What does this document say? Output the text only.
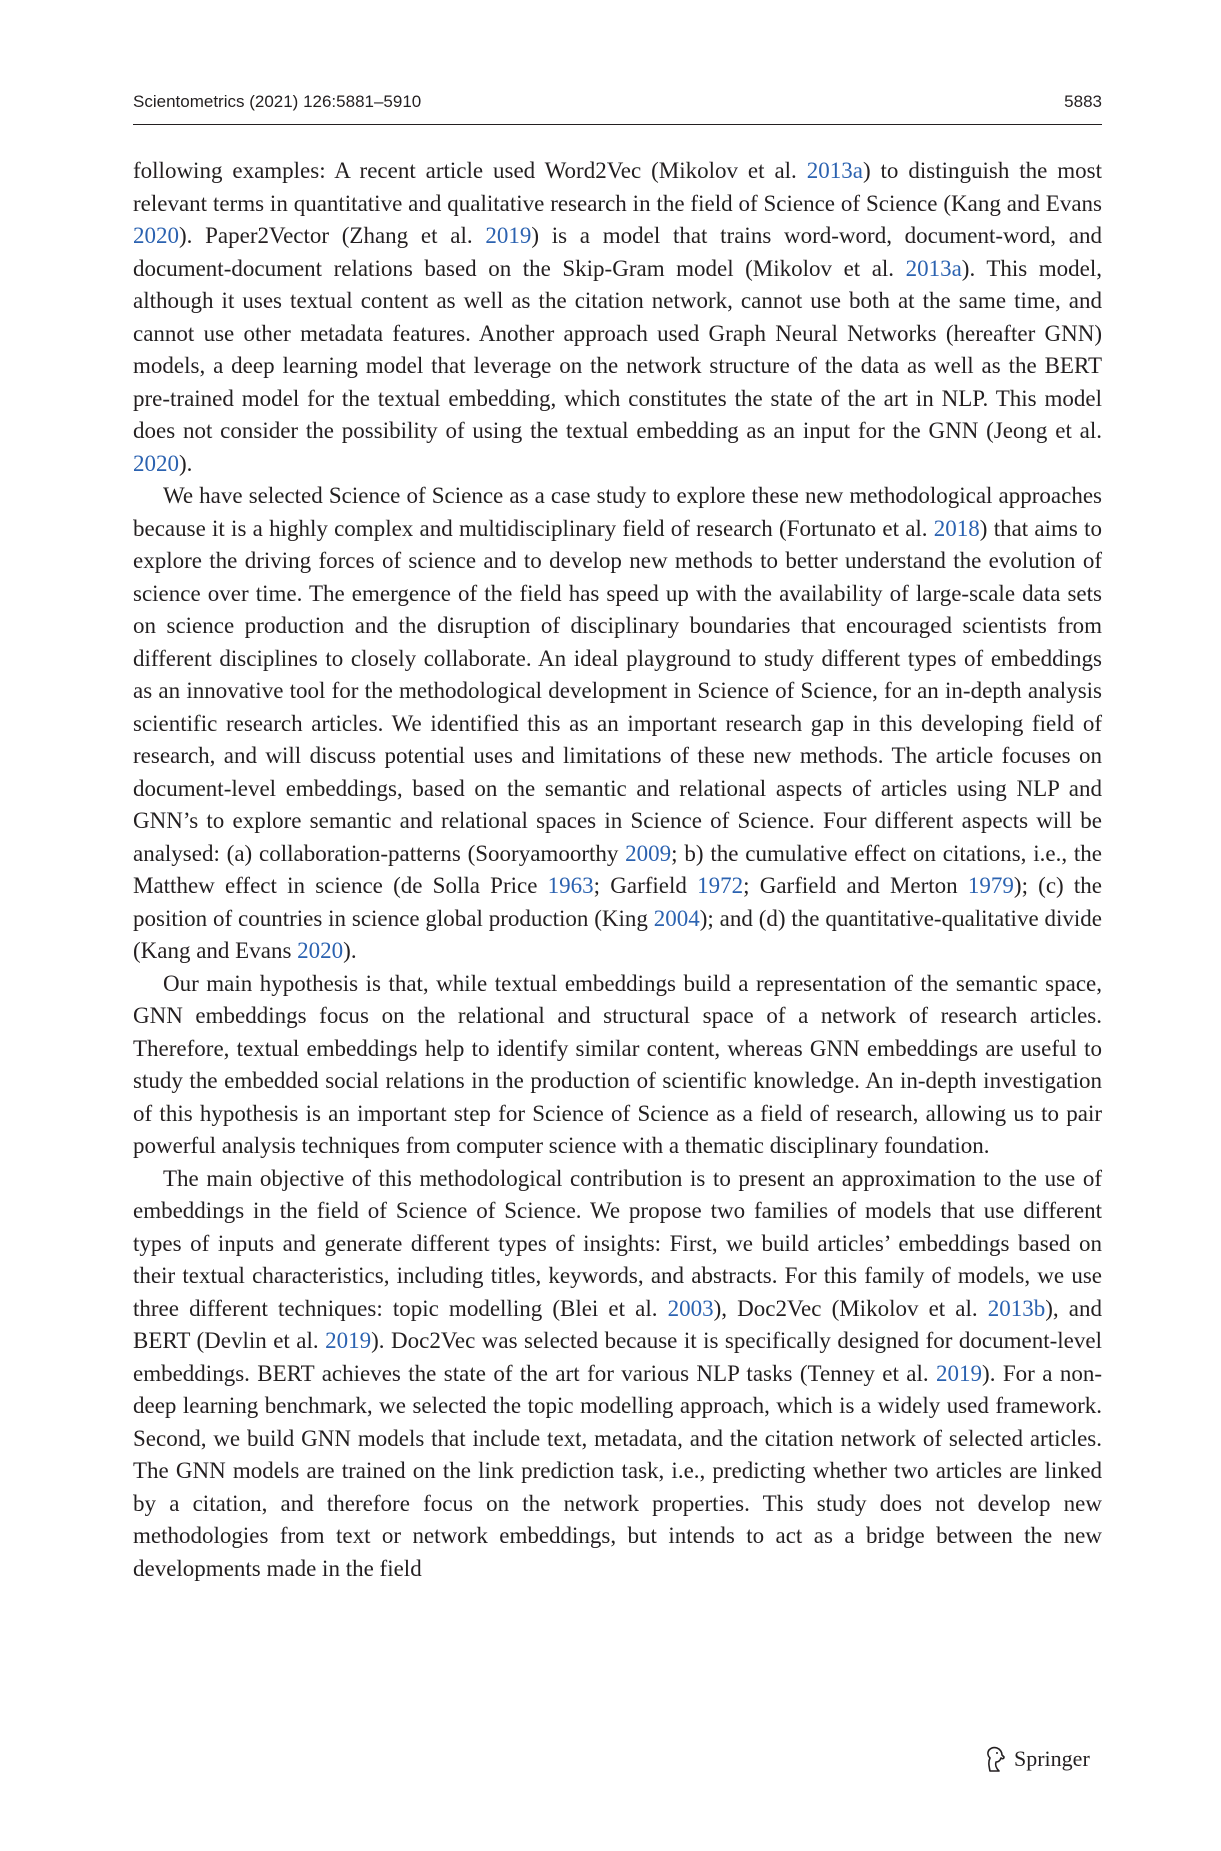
Scientometrics (2021) 126:5881–5910	5883

following examples: A recent article used Word2Vec (Mikolov et al. 2013a) to distinguish the most relevant terms in quantitative and qualitative research in the field of Science of Science (Kang and Evans 2020). Paper2Vector (Zhang et al. 2019) is a model that trains word-word, document-word, and document-document relations based on the Skip-Gram model (Mikolov et al. 2013a). This model, although it uses textual content as well as the citation network, cannot use both at the same time, and cannot use other metadata features. Another approach used Graph Neural Networks (hereafter GNN) models, a deep learning model that leverage on the network structure of the data as well as the BERT pre-trained model for the textual embedding, which constitutes the state of the art in NLP. This model does not consider the possibility of using the textual embedding as an input for the GNN (Jeong et al. 2020).

We have selected Science of Science as a case study to explore these new methodological approaches because it is a highly complex and multidisciplinary field of research (Fortunato et al. 2018) that aims to explore the driving forces of science and to develop new methods to better understand the evolution of science over time. The emergence of the field has speed up with the availability of large-scale data sets on science production and the disruption of disciplinary boundaries that encouraged scientists from different disciplines to closely collaborate. An ideal playground to study different types of embeddings as an innovative tool for the methodological development in Science of Science, for an in-depth analysis scientific research articles. We identified this as an important research gap in this developing field of research, and will discuss potential uses and limitations of these new methods. The article focuses on document-level embeddings, based on the semantic and relational aspects of articles using NLP and GNN’s to explore semantic and relational spaces in Science of Science. Four different aspects will be analysed: (a) collaboration-patterns (Sooryamoorthy 2009; b) the cumulative effect on citations, i.e., the Matthew effect in science (de Solla Price 1963; Garfield 1972; Garfield and Merton 1979); (c) the position of countries in science global production (King 2004); and (d) the quantitative-qualitative divide (Kang and Evans 2020).

Our main hypothesis is that, while textual embeddings build a representation of the semantic space, GNN embeddings focus on the relational and structural space of a network of research articles. Therefore, textual embeddings help to identify similar content, whereas GNN embeddings are useful to study the embedded social relations in the production of scientific knowledge. An in-depth investigation of this hypothesis is an important step for Science of Science as a field of research, allowing us to pair powerful analysis techniques from computer science with a thematic disciplinary foundation.

The main objective of this methodological contribution is to present an approximation to the use of embeddings in the field of Science of Science. We propose two families of models that use different types of inputs and generate different types of insights: First, we build articles’ embeddings based on their textual characteristics, including titles, keywords, and abstracts. For this family of models, we use three different techniques: topic modelling (Blei et al. 2003), Doc2Vec (Mikolov et al. 2013b), and BERT (Devlin et al. 2019). Doc2Vec was selected because it is specifically designed for document-level embeddings. BERT achieves the state of the art for various NLP tasks (Tenney et al. 2019). For a non-deep learning benchmark, we selected the topic modelling approach, which is a widely used framework. Second, we build GNN models that include text, metadata, and the citation network of selected articles. The GNN models are trained on the link prediction task, i.e., predicting whether two articles are linked by a citation, and therefore focus on the network properties. This study does not develop new methodologies from text or network embeddings, but intends to act as a bridge between the new developments made in the field

Springer
